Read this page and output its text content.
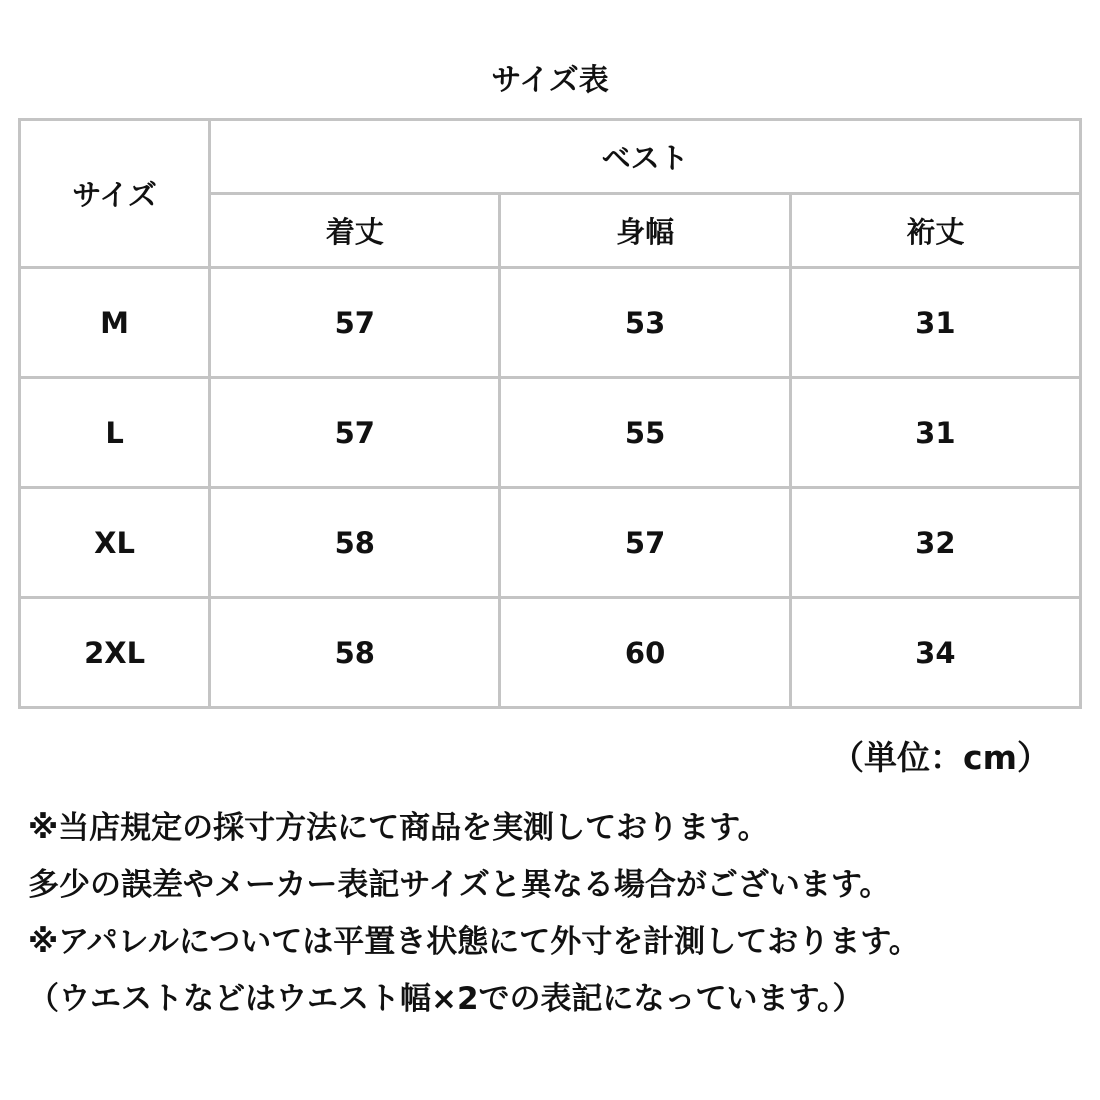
サイズ表
サイズ	ベスト		
	着丈	身幅	裄丈
M	57	53	31
L	57	55	31
XL	58	57	32
2XL	58	60	34
（単位：cm）
※当店規定の採寸方法にて商品を実測しております。
多少の誤差やメーカー表記サイズと異なる場合がございます。
※アパレルについては平置き状態にて外寸を計測しております。
（ウエストなどはウエスト幅×2での表記になっています。）
